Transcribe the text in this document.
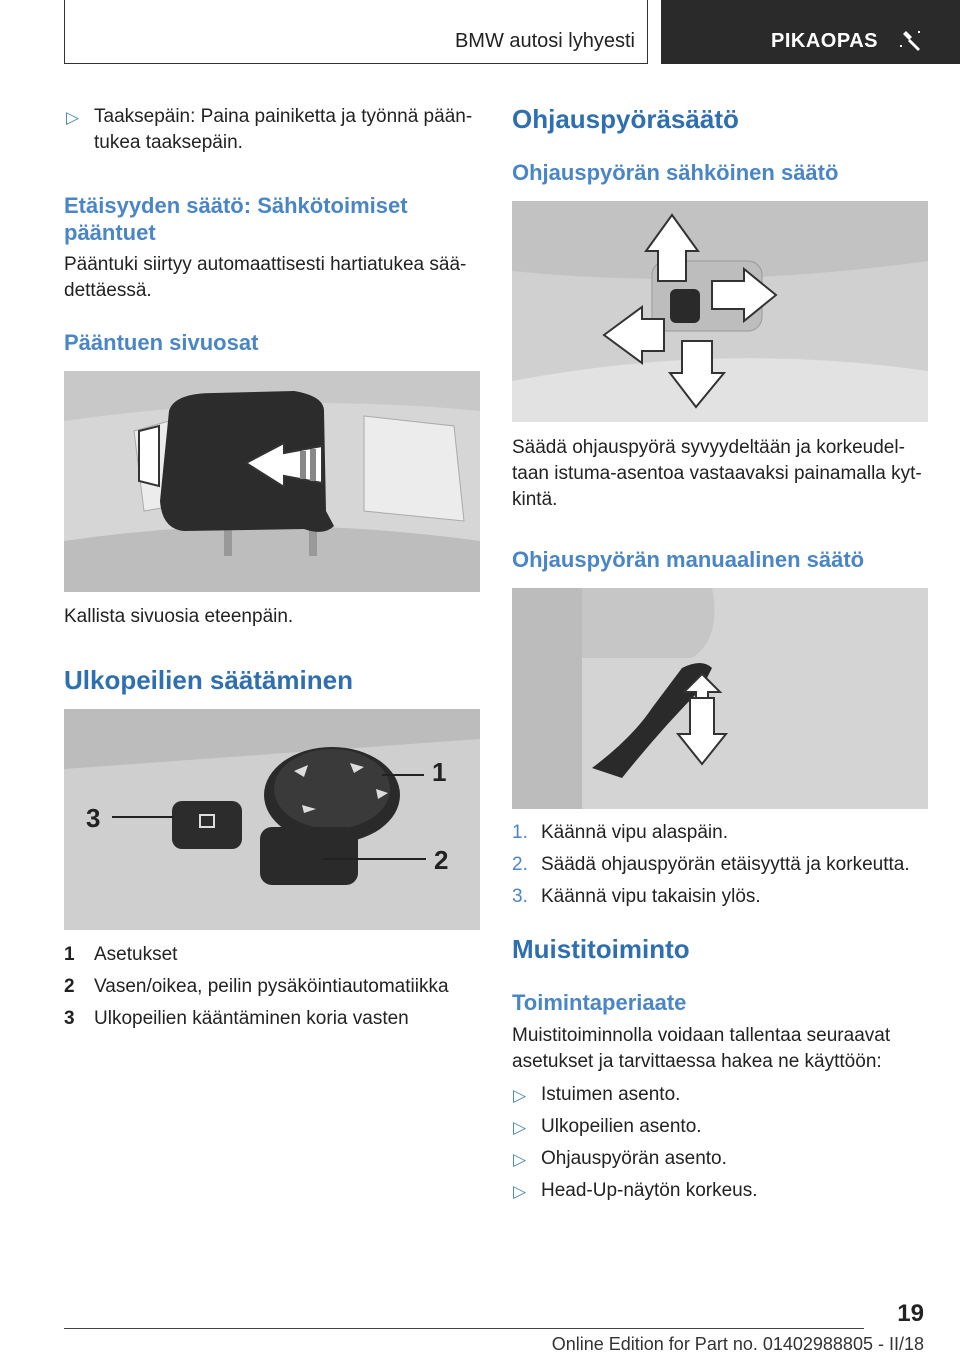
BMW autosi lyhyesti	PIKAOPAS
▷ Taaksepäin: Paina painiketta ja työnnä pään‐

tukea taaksepäin.

Etäisyyden säätö: Sähkötoimiset

pääntuet

Pääntuki siirtyy automaattisesti hartiatukea sää‐

dettäessä.

Pääntuen sivuosat

Kallista sivuosia eteenpäin.

Ulkopeilien säätäminen

1
2
3
1 Asetukset

2 Vasen/oikea, peilin pysäköintiautomatiikka

3 Ulkopeilien kääntäminen koria vasten

Ohjauspyöräsäätö

Ohjauspyörän sähköinen säätö

Säädä ohjauspyörä syvyydeltään ja korkeudel‐

taan istuma-asentoa vastaavaksi painamalla kyt‐

kintä.

Ohjauspyörän manuaalinen säätö

1. Käännä vipu alaspäin.

2. Säädä ohjauspyörän etäisyyttä ja korkeutta.

3. Käännä vipu takaisin ylös.

Muistitoiminto

Toimintaperiaate

Muistitoiminnolla voidaan tallentaa seuraavat

asetukset ja tarvittaessa hakea ne käyttöön:

▷ Istuimen asento.

▷ Ulkopeilien asento.

▷ Ohjauspyörän asento.

▷ Head-Up-näytön korkeus.

19
Online Edition for Part no. 01402988805 - II/18
